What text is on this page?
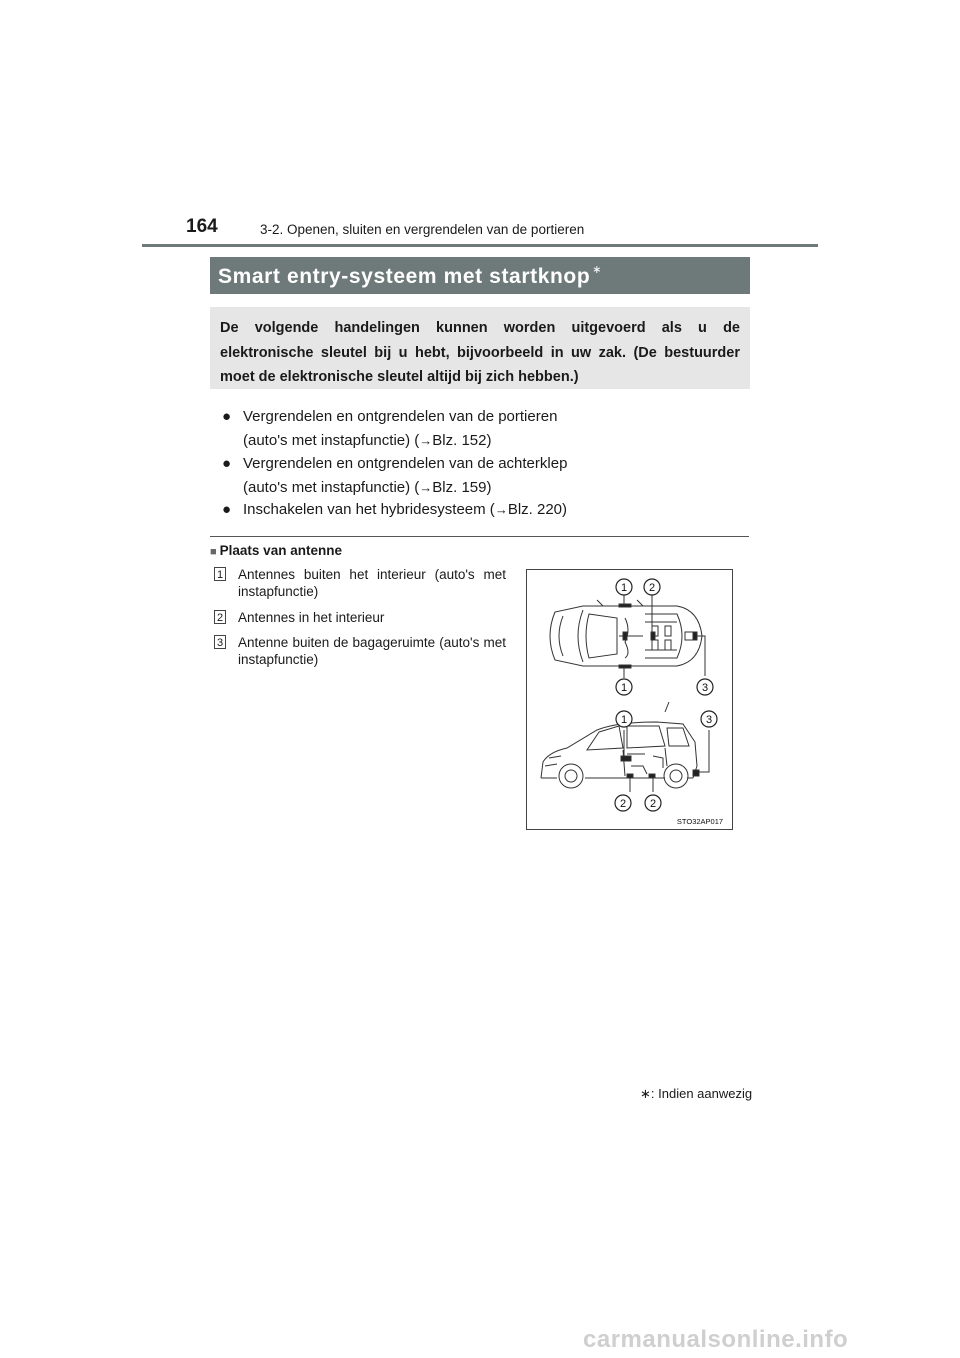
164	3-2. Openen, sluiten en vergrendelen van de portieren
Smart entry-systeem met startknop ∗
De volgende handelingen kunnen worden uitgevoerd als u de elektronische sleutel bij u hebt, bijvoorbeeld in uw zak. (De bestuurder moet de elektronische sleutel altijd bij zich hebben.)
● Vergrendelen en ontgrendelen van de portieren
(auto's met instapfunctie) (→Blz. 152)
● Vergrendelen en ontgrendelen van de achterklep
(auto's met instapfunctie) (→Blz. 159)
● Inschakelen van het hybridesysteem (→Blz. 220)
■ Plaats van antenne
1 Antennes buiten het interieur (auto's met instapfunctie)
2 Antennes in het interieur
3 Antenne buiten de bagageruimte (auto's met instapfunctie)
1 2
1	3
1	3
2 2
STO32AP017
∗: Indien aanwezig
carmanualsonline.info
